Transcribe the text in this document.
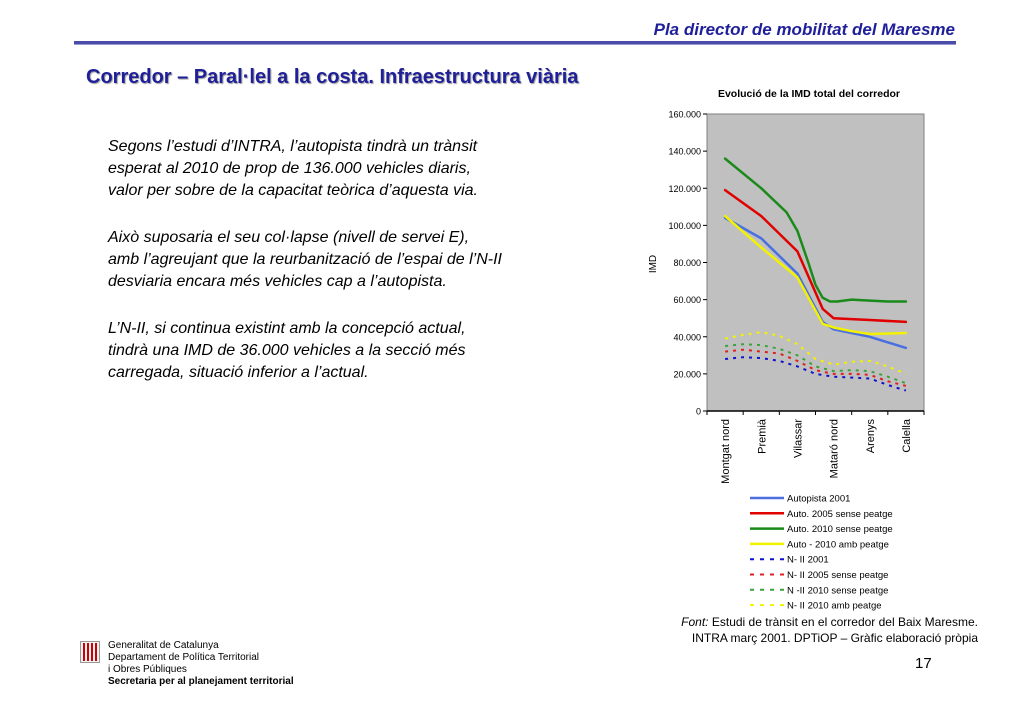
Pla director de mobilitat del Maresme
Corredor – Paral·lel a la costa. Infraestructura viària

Segons l’estudi d’INTRA, l’autopista tindrà un trànsit esperat al 2010 de prop de 136.000 vehicles diaris, valor per sobre de la capacitat teòrica d’aquesta via.

Això suposaria el seu col·lapse (nivell de servei E), amb l’agreujant que la reurbanització de l’espai de l’N-II desviaria encara més vehicles cap a l’autopista.

L’N-II, si continua existint amb la concepció actual, tindrà una IMD de 36.000 vehicles a la secció més carregada, situació inferior a l’actual.

Evolució de la IMD total del corredor
IMD
0
20.000
40.000
60.000
80.000
100.000
120.000
140.000
160.000
Montgat nord Premià Vilassar Mataró nord Arenys Calella
Autopista 2001
Auto. 2005 sense peatge
Auto. 2010 sense peatge
Auto - 2010 amb peatge
N- II 2001
N- II 2005 sense peatge
N -II 2010 sense peatge
N- II 2010 amb peatge
Font: Estudi de trànsit en el corredor del Baix Maresme.
INTRA març 2001. DPTiOP – Gràfic elaboració pròpia
Generalitat de Catalunya
Departament de Política Territorial
i Obres Públiques
Secretaria per al planejament territorial
17
